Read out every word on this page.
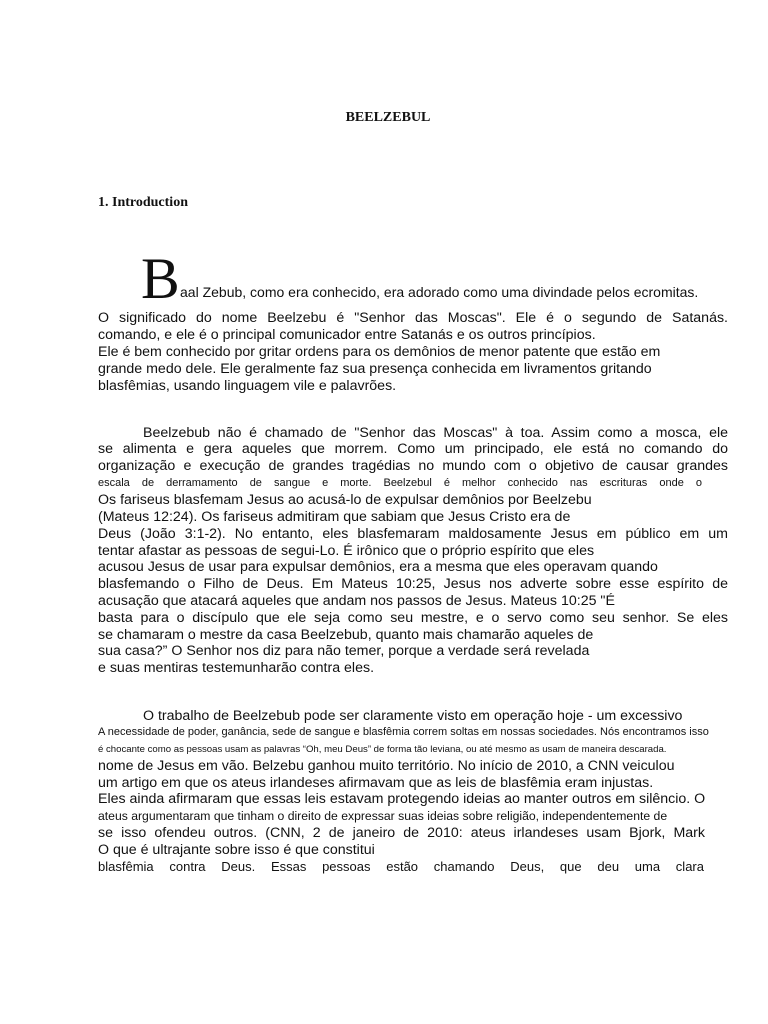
BEELZEBUL
1. Introduction
B aal Zebub, como era conhecido, era adorado como uma divindade pelos ecromitas.
O significado do nome Beelzebu é "Senhor das Moscas". Ele é o segundo de Satanás.
comando, e ele é o principal comunicador entre Satanás e os outros princípios.
Ele é bem conhecido por gritar ordens para os demônios de menor patente que estão em
grande medo dele. Ele geralmente faz sua presença conhecida em livramentos gritando
blasfêmias, usando linguagem vile e palavrões.
Beelzebub não é chamado de "Senhor das Moscas" à toa. Assim como a mosca, ele
se alimenta e gera aqueles que morrem. Como um principado, ele está no comando do
organização e execução de grandes tragédias no mundo com o objetivo de causar grandes
escala de derramamento de sangue e morte. Beelzebul é melhor conhecido nas escrituras onde o
Os fariseus blasfemam Jesus ao acusá-lo de expulsar demônios por Beelzebu
(Mateus 12:24). Os fariseus admitiram que sabiam que Jesus Cristo era de
Deus (João 3:1-2). No entanto, eles blasfemaram maldosamente Jesus em público em um
tentar afastar as pessoas de segui-Lo. É irônico que o próprio espírito que eles
acusou Jesus de usar para expulsar demônios, era a mesma que eles operavam quando
blasfemando o Filho de Deus. Em Mateus 10:25, Jesus nos adverte sobre esse espírito de
acusação que atacará aqueles que andam nos passos de Jesus. Mateus 10:25 "É
basta para o discípulo que ele seja como seu mestre, e o servo como seu senhor. Se eles
se chamaram o mestre da casa Beelzebub, quanto mais chamarão aqueles de
sua casa?” O Senhor nos diz para não temer, porque a verdade será revelada
e suas mentiras testemunharão contra eles.
O trabalho de Beelzebub pode ser claramente visto em operação hoje - um excessivo
A necessidade de poder, ganância, sede de sangue e blasfêmia correm soltas em nossas sociedades. Nós encontramos isso
é chocante como as pessoas usam as palavras “Oh, meu Deus” de forma tão leviana, ou até mesmo as usam de maneira descarada.
nome de Jesus em vão. Belzebu ganhou muito território. No início de 2010, a CNN veiculou
um artigo em que os ateus irlandeses afirmavam que as leis de blasfêmia eram injustas.
Eles ainda afirmaram que essas leis estavam protegendo ideias ao manter outros em silêncio. O
ateus argumentaram que tinham o direito de expressar suas ideias sobre religião, independentemente de
se isso ofendeu outros. (CNN, 2 de janeiro de 2010: ateus irlandeses usam Bjork, Mark
O que é ultrajante sobre isso é que constitui
blasfêmia contra Deus. Essas pessoas estão chamando Deus, que deu uma clara
